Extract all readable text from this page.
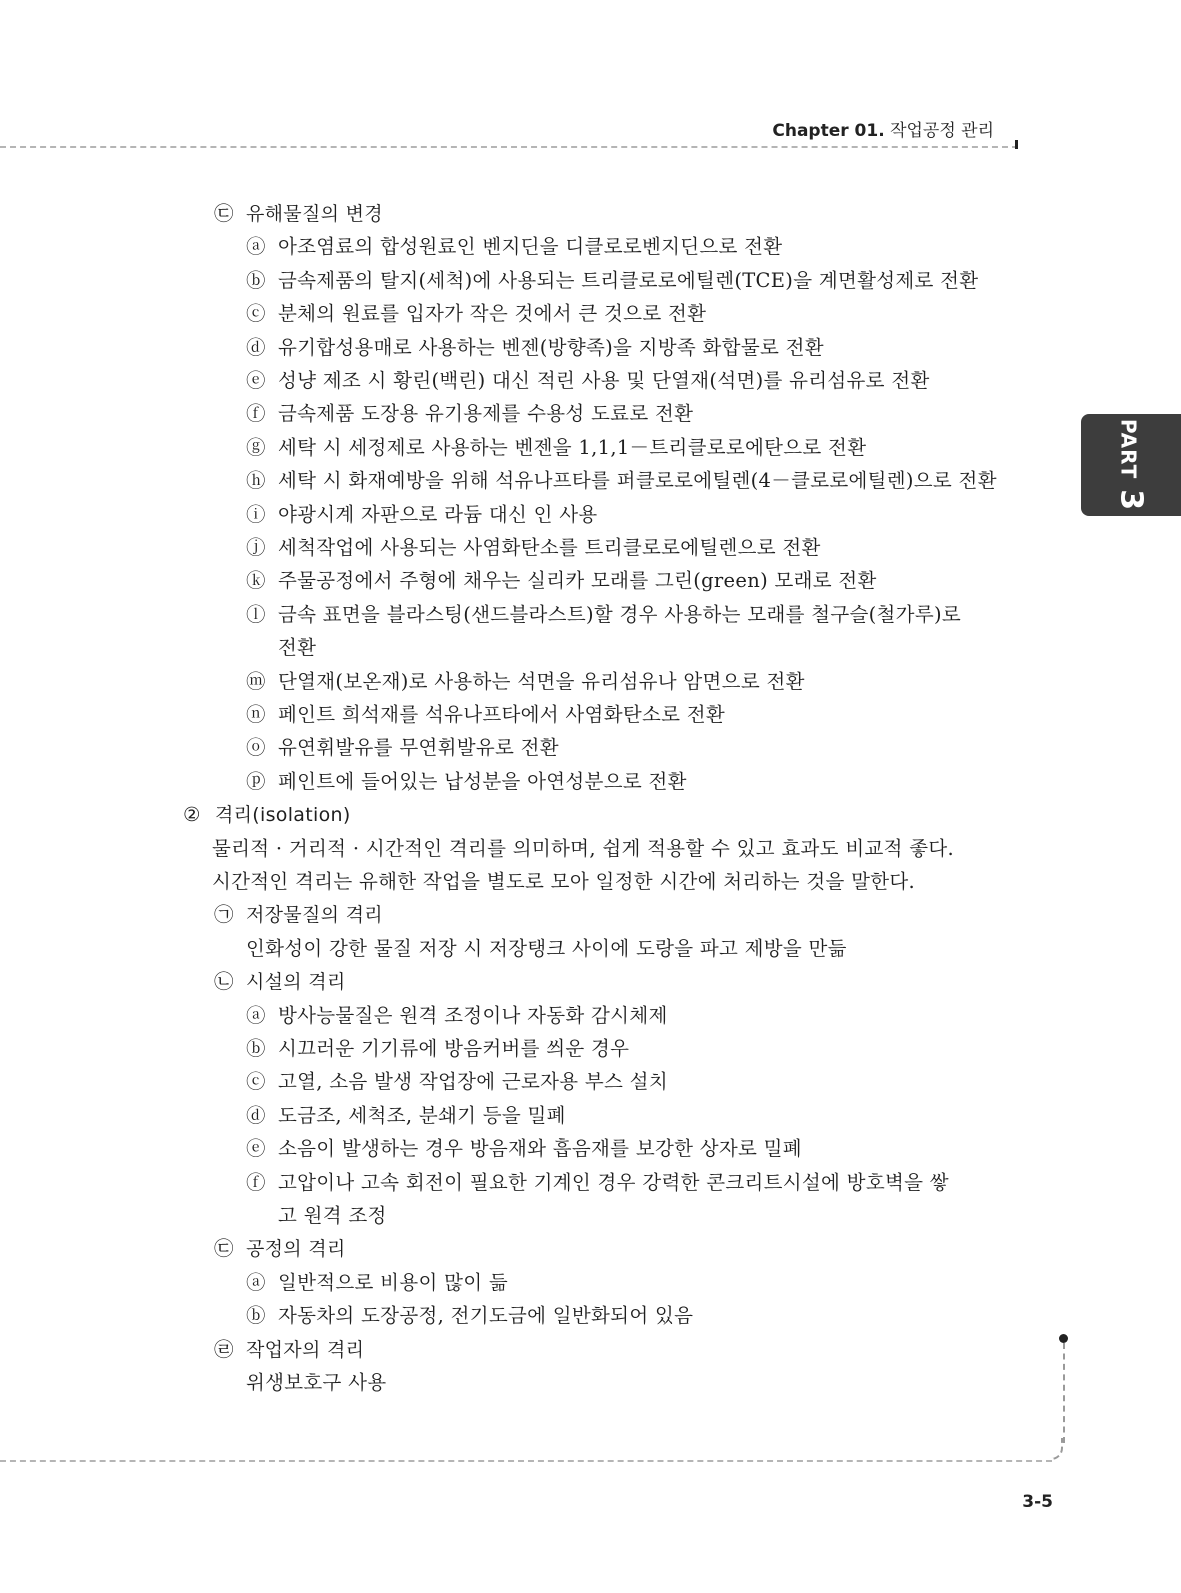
Chapter 01. 작업공정 관리
PART3
㉢ 유해물질의 변경
ⓐ 아조염료의 합성원료인 벤지딘을 디클로로벤지딘으로 전환
ⓑ 금속제품의 탈지(세척)에 사용되는 트리클로로에틸렌(TCE)을 계면활성제로 전환
ⓒ 분체의 원료를 입자가 작은 것에서 큰 것으로 전환
ⓓ 유기합성용매로 사용하는 벤젠(방향족)을 지방족 화합물로 전환
ⓔ 성냥 제조 시 황린(백린) 대신 적린 사용 및 단열재(석면)를 유리섬유로 전환
ⓕ 금속제품 도장용 유기용제를 수용성 도료로 전환
ⓖ 세탁 시 세정제로 사용하는 벤젠을 1,1,1－트리클로로에탄으로 전환
ⓗ 세탁 시 화재예방을 위해 석유나프타를 퍼클로로에틸렌(4－클로로에틸렌)으로 전환
ⓘ 야광시계 자판으로 라듐 대신 인 사용
ⓙ 세척작업에 사용되는 사염화탄소를 트리클로로에틸렌으로 전환
ⓚ 주물공정에서 주형에 채우는 실리카 모래를 그린(green) 모래로 전환
ⓛ 금속 표면을 블라스팅(샌드블라스트)할 경우 사용하는 모래를 철구슬(철가루)로
전환
ⓜ 단열재(보온재)로 사용하는 석면을 유리섬유나 암면으로 전환
ⓝ 페인트 희석재를 석유나프타에서 사염화탄소로 전환
ⓞ 유연휘발유를 무연휘발유로 전환
ⓟ 페인트에 들어있는 납성분을 아연성분으로 전환
② 격리(isolation)
물리적 · 거리적 · 시간적인 격리를 의미하며, 쉽게 적용할 수 있고 효과도 비교적 좋다.
시간적인 격리는 유해한 작업을 별도로 모아 일정한 시간에 처리하는 것을 말한다.
㉠ 저장물질의 격리
인화성이 강한 물질 저장 시 저장탱크 사이에 도랑을 파고 제방을 만듦
㉡ 시설의 격리
ⓐ 방사능물질은 원격 조정이나 자동화 감시체제
ⓑ 시끄러운 기기류에 방음커버를 씌운 경우
ⓒ 고열, 소음 발생 작업장에 근로자용 부스 설치
ⓓ 도금조, 세척조, 분쇄기 등을 밀폐
ⓔ 소음이 발생하는 경우 방음재와 흡음재를 보강한 상자로 밀폐
ⓕ 고압이나 고속 회전이 필요한 기계인 경우 강력한 콘크리트시설에 방호벽을 쌓
고 원격 조정
㉢ 공정의 격리
ⓐ 일반적으로 비용이 많이 듦
ⓑ 자동차의 도장공정, 전기도금에 일반화되어 있음
㉣ 작업자의 격리
위생보호구 사용
3-5
